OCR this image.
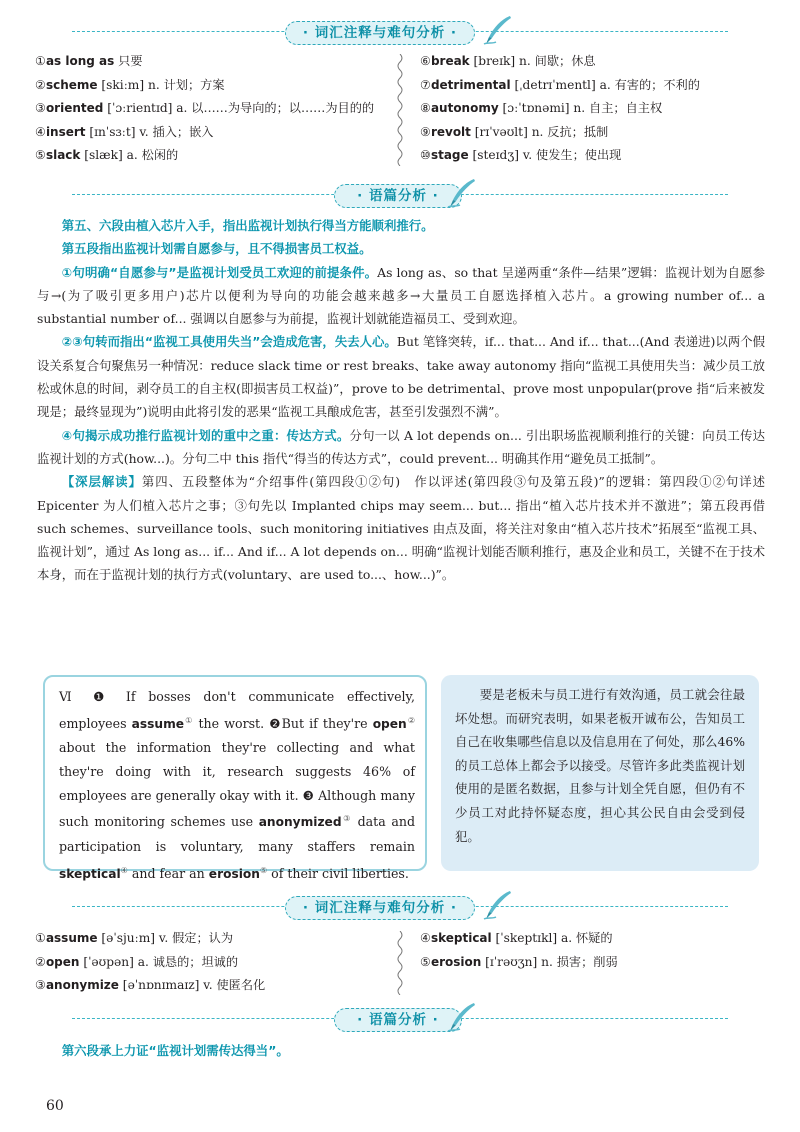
· 词汇注释与难句分析 ·
①as long as 只要
②scheme [skiːm] n. 计划；方案
③oriented [ˈɔːrientɪd] a. 以……为导向的；以……为目的的
④insert [ɪnˈsɜːt] v. 插入；嵌入
⑤slack [slæk] a. 松闲的
⑥break [breɪk] n. 间歇；休息
⑦detrimental [ˌdetrɪˈmentl] a. 有害的；不利的
⑧autonomy [ɔːˈtɒnəmi] n. 自主；自主权
⑨revolt [rɪˈvəʊlt] n. 反抗；抵制
⑩stage [steɪdʒ] v. 使发生；使出现
· 语篇分析 ·

第五、六段由植入芯片入手，指出监视计划执行得当方能顺利推行。

第五段指出监视计划需自愿参与，且不得损害员工权益。

①句明确“自愿参与”是监视计划受员工欢迎的前提条件。As long as、so that 呈递两重“条件—结果”逻辑：监视计划为自愿参与→(为了吸引更多用户)芯片以便利为导向的功能会越来越多→大量员工自愿选择植入芯片。a growing number of... a substantial number of... 强调以自愿参与为前提，监视计划就能造福员工、受到欢迎。

②③句转而指出“监视工具使用失当”会造成危害，失去人心。But 笔锋突转，if... that... And if... that...(And 表递进)以两个假设关系复合句聚焦另一种情况：reduce slack time or rest breaks、take away autonomy 指向“监视工具使用失当：减少员工放松或休息的时间，剥夺员工的自主权(即损害员工权益)”，prove to be detrimental、prove most unpopular(prove 指“后来被发现是；最终显现为”)说明由此将引发的恶果“监视工具酿成危害，甚至引发强烈不满”。

④句揭示成功推行监视计划的重中之重：传达方式。分句一以 A lot depends on... 引出职场监视顺利推行的关键：向员工传达监视计划的方式(how...)。分句二中 this 指代“得当的传达方式”，could prevent... 明确其作用“避免员工抵制”。

【深层解读】第四、五段整体为“介绍事件(第四段①②句)　作以评述(第四段③句及第五段)”的逻辑：第四段①②句详述 Epicenter 为人们植入芯片之事；③句先以 Implanted chips may seem... but... 指出“植入芯片技术并不激进”；第五段再借 such schemes、surveillance tools、such monitoring initiatives 由点及面，将关注对象由“植入芯片技术”拓展至“监视工具、监视计划”，通过 As long as... if... And if... A lot depends on... 明确“监视计划能否顺利推行，惠及企业和员工，关键不在于技术本身，而在于监视计划的执行方式(voluntary、are used to...、how...)”。

Ⅵ ❶ If bosses don't communicate effectively, employees assume① the worst. ❷But if they're open② about the information they're collecting and what they're doing with it, research suggests 46% of employees are generally okay with it. ❸ Although many such monitoring schemes use anonymized③ data and participation is voluntary, many staffers remain skeptical④ and fear an erosion⑤ of their civil liberties.
要是老板未与员工进行有效沟通，员工就会往最坏处想。而研究表明，如果老板开诚布公，告知员工自己在收集哪些信息以及信息用在了何处，那么46%的员工总体上都会予以接受。尽管许多此类监视计划使用的是匿名数据，且参与计划全凭自愿，但仍有不少员工对此持怀疑态度，担心其公民自由会受到侵犯。
· 词汇注释与难句分析 ·
①assume [əˈsjuːm] v. 假定；认为
②open [ˈəʊpən] a. 诚恳的；坦诚的
③anonymize [əˈnɒnɪmaɪz] v. 使匿名化
④skeptical [ˈskeptɪkl] a. 怀疑的
⑤erosion [ɪˈrəʊʒn] n. 损害；削弱
· 语篇分析 ·

第六段承上力证“监视计划需传达得当”。

60
